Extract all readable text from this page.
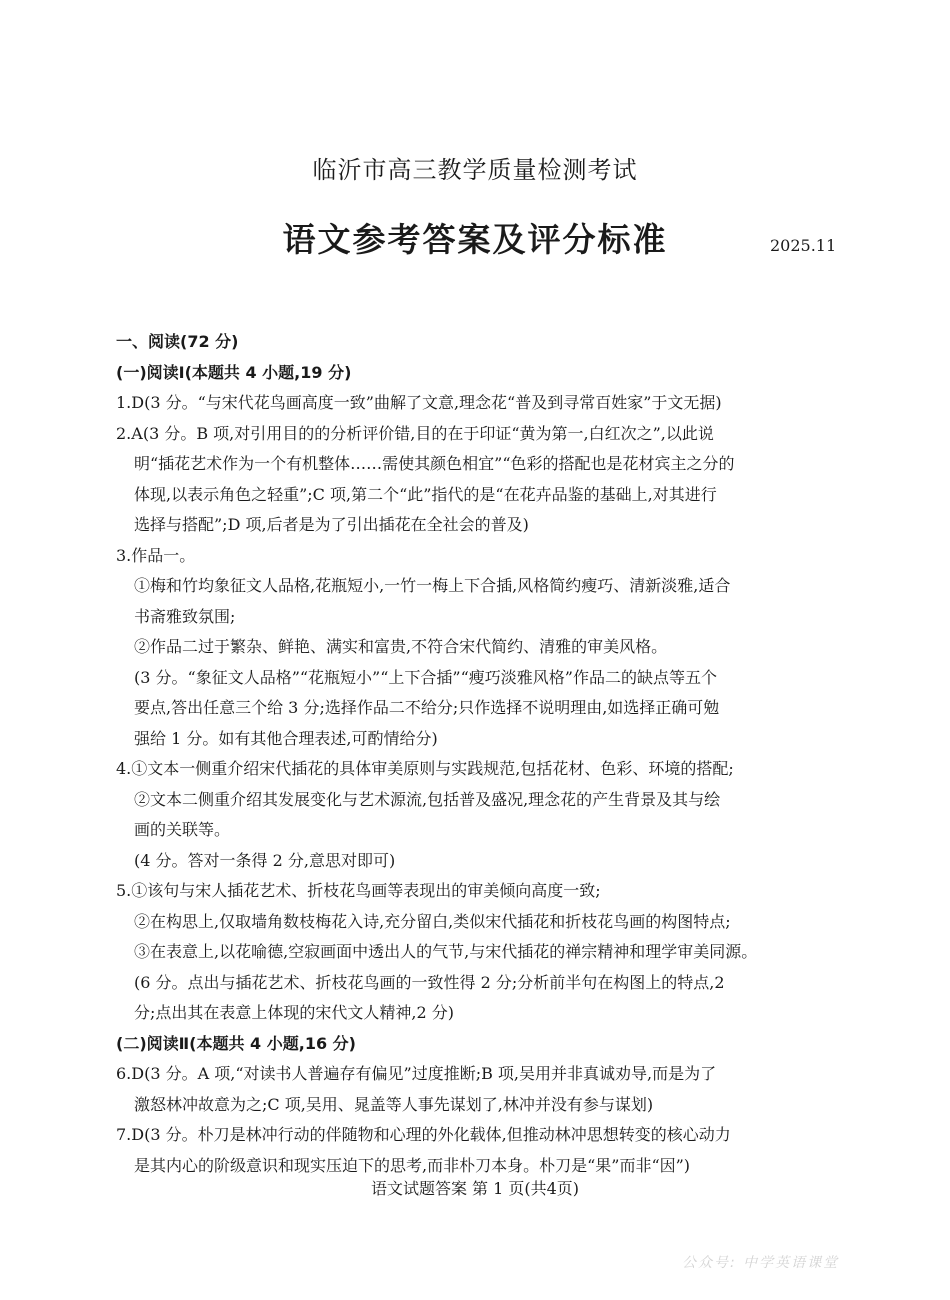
临沂市高三教学质量检测考试
语文参考答案及评分标准	2025.11
一、阅读(72 分)
(一)阅读Ⅰ(本题共 4 小题,19 分)
1.D(3 分。“与宋代花鸟画高度一致”曲解了文意,理念花“普及到寻常百姓家”于文无据)
2.A(3 分。B 项,对引用目的的分析评价错,目的在于印证“黄为第一,白红次之”,以此说
明“插花艺术作为一个有机整体……需使其颜色相宜”“色彩的搭配也是花材宾主之分的
体现,以表示角色之轻重”;C 项,第二个“此”指代的是“在花卉品鉴的基础上,对其进行
选择与搭配”;D 项,后者是为了引出插花在全社会的普及)
3.作品一。
①梅和竹均象征文人品格,花瓶短小,一竹一梅上下合插,风格简约瘦巧、清新淡雅,适合
书斋雅致氛围;
②作品二过于繁杂、鲜艳、满实和富贵,不符合宋代简约、清雅的审美风格。
(3 分。“象征文人品格”“花瓶短小”“上下合插”“瘦巧淡雅风格”作品二的缺点等五个
要点,答出任意三个给 3 分;选择作品二不给分;只作选择不说明理由,如选择正确可勉
强给 1 分。如有其他合理表述,可酌情给分)
4.①文本一侧重介绍宋代插花的具体审美原则与实践规范,包括花材、色彩、环境的搭配;
②文本二侧重介绍其发展变化与艺术源流,包括普及盛况,理念花的产生背景及其与绘
画的关联等。
(4 分。答对一条得 2 分,意思对即可)
5.①该句与宋人插花艺术、折枝花鸟画等表现出的审美倾向高度一致;
②在构思上,仅取墙角数枝梅花入诗,充分留白,类似宋代插花和折枝花鸟画的构图特点;
③在表意上,以花喻德,空寂画面中透出人的气节,与宋代插花的禅宗精神和理学审美同源。
(6 分。点出与插花艺术、折枝花鸟画的一致性得 2 分;分析前半句在构图上的特点,2
分;点出其在表意上体现的宋代文人精神,2 分)
(二)阅读Ⅱ(本题共 4 小题,16 分)
6.D(3 分。A 项,“对读书人普遍存有偏见”过度推断;B 项,吴用并非真诚劝导,而是为了
激怒林冲故意为之;C 项,吴用、晁盖等人事先谋划了,林冲并没有参与谋划)
7.D(3 分。朴刀是林冲行动的伴随物和心理的外化载体,但推动林冲思想转变的核心动力
是其内心的阶级意识和现实压迫下的思考,而非朴刀本身。朴刀是“果”而非“因”)
语文试题答案 第 1 页(共4页)
公众号: 中学英语课堂
